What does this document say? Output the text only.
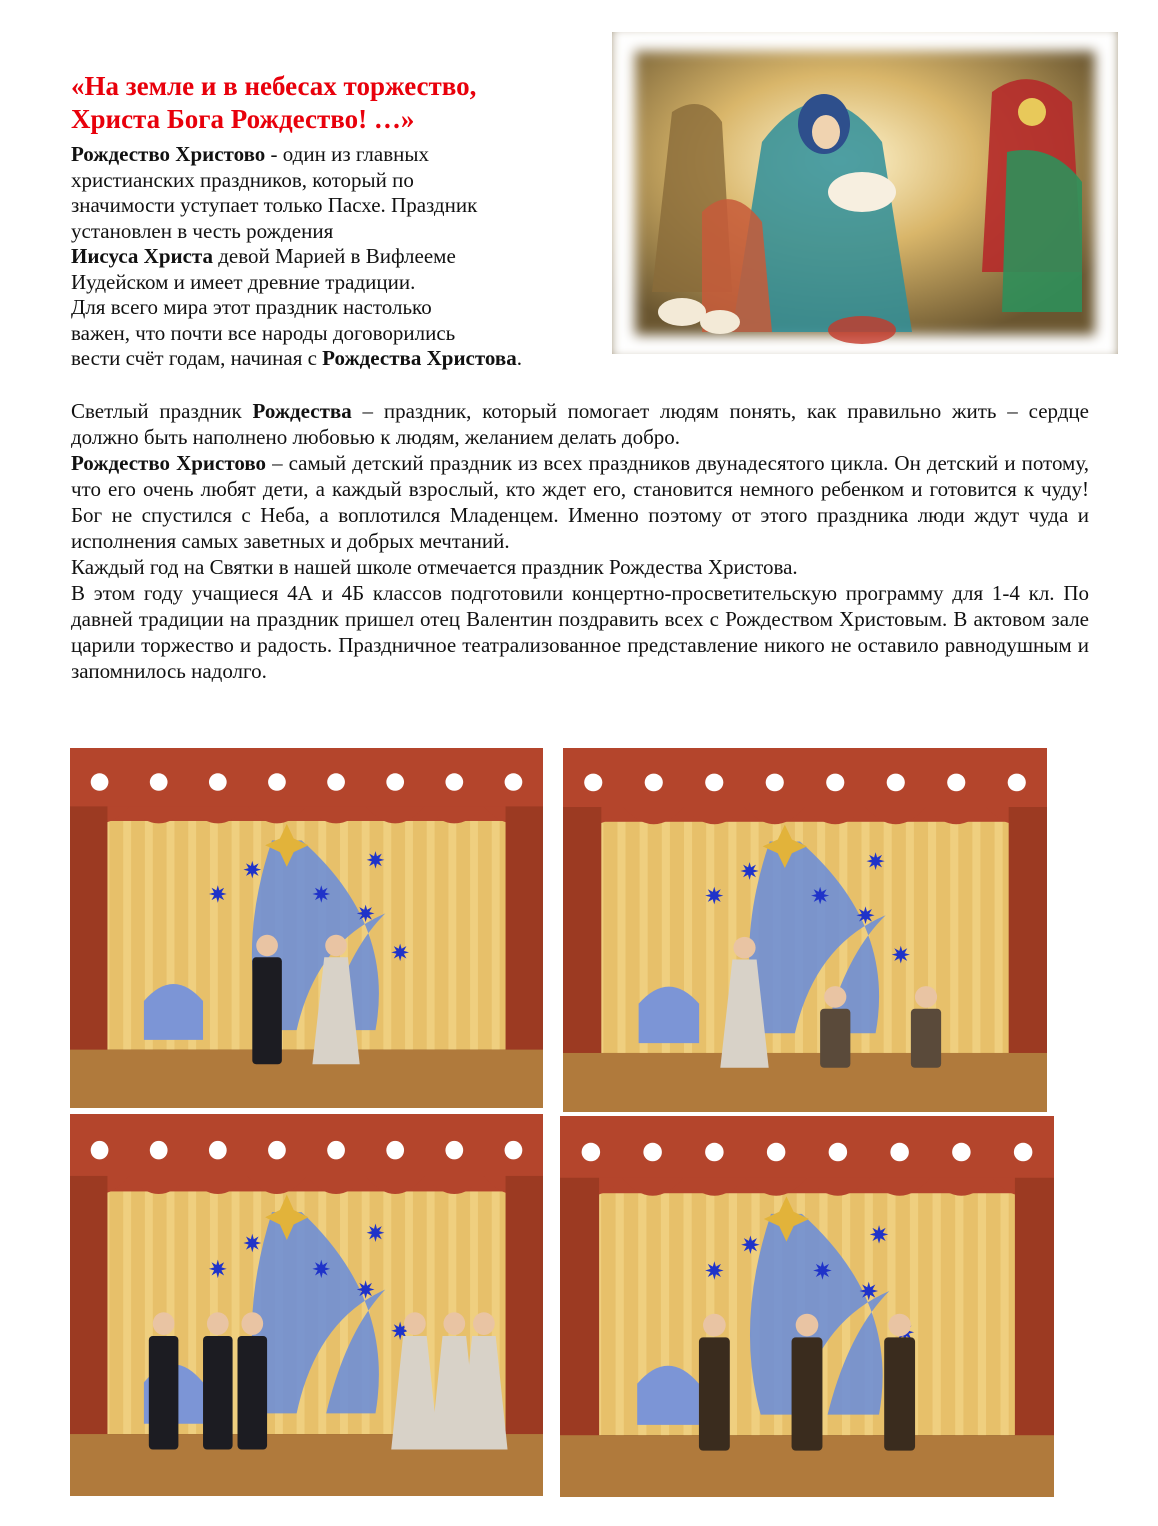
«На земле и в небесах торжество,
Христа Бога Рождество! …»

Рождество Христово - один из главных

христианских праздников, который по

значимости уступает только Пасхе. Праздник

установлен в честь рождения

Иисуса Христа девой Марией в Вифлееме

Иудейском и имеет древние традиции.

Для всего мира этот праздник настолько

важен, что почти все народы договорились

вести счёт годам, начиная с Рождества Христова.

Светлый праздник Рождества – праздник, который помогает людям понять, как правильно жить – сердце должно быть наполнено любовью к людям, желанием делать добро.

Рождество Христово – самый детский праздник из всех праздников двунадесятого цикла. Он детский и потому, что его очень любят дети, а каждый взрослый, кто ждет его, становится немного ребенком и готовится к чуду! Бог не спустился с Неба, а воплотился Младенцем. Именно поэтому от этого праздника люди ждут чуда и исполнения самых заветных и добрых мечтаний.

Каждый год на Святки в нашей школе отмечается праздник Рождества Христова.

В этом году учащиеся 4А и 4Б классов подготовили концертно-просветительскую программу для 1-4 кл. По давней традиции на праздник пришел отец Валентин поздравить всех с Рождеством Христовым. В актовом зале царили торжество и радость. Праздничное театрализованное представление никого не оставило равнодушным и запомнилось надолго.
